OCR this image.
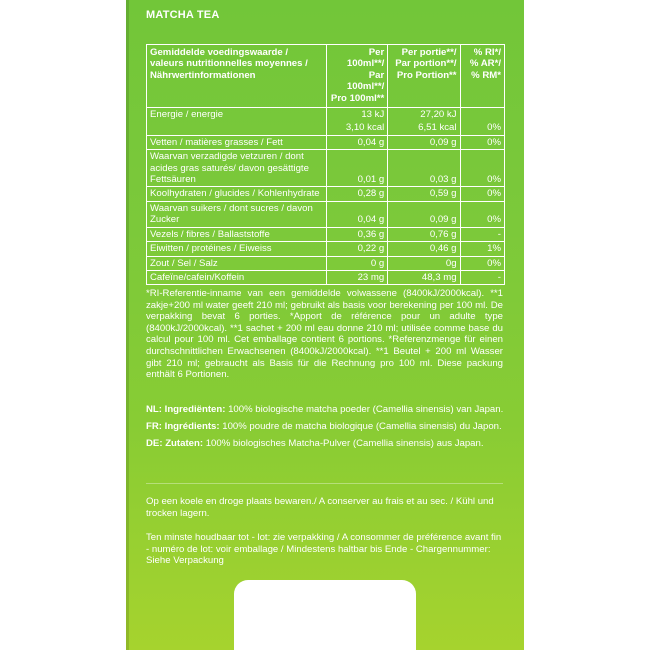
MATCHA TEA
Gemiddelde voedingswaarde / valeurs nutritionnelles moyennes / Nährwertinformationen	Per 100ml**/
Par 100ml**/
Pro 100ml**	Per portie**/
Par portion**/
Pro Portion**	% RI*/
% AR*/
% RM*
Energie / energie	13 kJ	27,20 kJ	
	3,10 kcal	6,51 kcal	0%
Vetten / matières grasses / Fett	0,04 g	0,09 g	0%
Waarvan verzadigde vetzuren / dont acides gras saturés/ davon gesättigte Fettsäuren	0,01 g	0,03 g	0%
Koolhydraten / glucides / Kohlenhydrate	0,28 g	0,59 g	0%
Waarvan suikers / dont sucres / davon Zucker	0,04 g	0,09 g	0%
Vezels / fibres / Ballaststoffe	0,36 g	0,76 g	-
Eiwitten / protéines / Eiweiss	0,22 g	0,46 g	1%
Zout / Sel / Salz	0 g	0g	0%
Cafeïne/cafein/Koffein	23 mg	48,3 mg	-
*RI-Referentie-inname van een gemiddelde volwassene (8400kJ/2000kcal). **1 zakje+200 ml water geeft 210 ml; gebruikt als basis voor berekening per 100 ml. De verpakking bevat 6 porties. *Apport de référence pour un adulte type (8400kJ/2000kcal). **1 sachet + 200 ml eau donne 210 ml; utilisée comme base du calcul pour 100 ml. Cet emballage contient 6 portions. *Referenzmenge für einen durchschnittlichen Erwachsenen (8400kJ/2000kcal). **1 Beutel + 200 ml Wasser gibt 210 ml; gebraucht als Basis für die Rechnung pro 100 ml. Diese packung enthält 6 Portionen.
NL: Ingrediënten: 100% biologische matcha poeder (Camellia sinensis) van Japan.
FR: Ingrédients: 100% poudre de matcha biologique (Camellia sinensis) du Japon.
DE: Zutaten: 100% biologisches Matcha-Pulver (Camellia sinensis) aus Japan.
Op een koele en droge plaats bewaren./ A conserver au frais et au sec. / Kühl und trocken lagern.
Ten minste houdbaar tot - lot: zie verpakking / A consommer de préférence avant fin - numéro de lot: voir emballage / Mindestens haltbar bis Ende - Chargennummer: Siehe Verpackung
